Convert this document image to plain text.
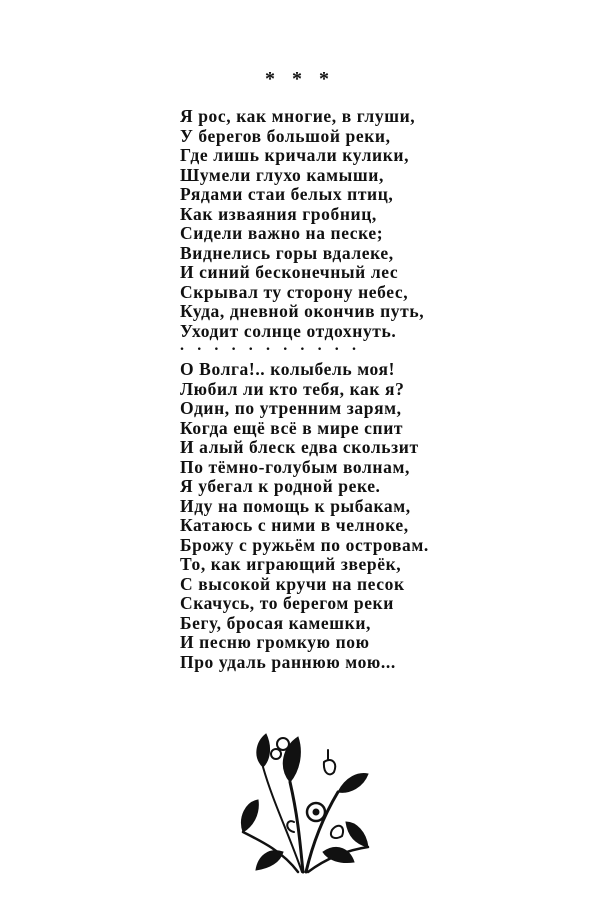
* * *
Я рос, как многие, в глуши,
У берегов большой реки,
Где лишь кричали кулики,
Шумели глухо камыши,
Рядами стаи белых птиц,
Как изваяния гробниц,
Сидели важно на песке;
Виднелись горы вдалеке,
И синий бесконечный лес
Скрывал ту сторону небес,
Куда, дневной окончив путь,
Уходит солнце отдохнуть.
...........
О Волга!.. колыбель моя!
Любил ли кто тебя, как я?
Один, по утренним зарям,
Когда ещё всё в мире спит
И алый блеск едва скользит
По тёмно-голубым волнам,
Я убегал к родной реке.
Иду на помощь к рыбакам,
Катаюсь с ними в челноке,
Брожу с ружьём по островам.
То, как играющий зверёк,
С высокой кручи на песок
Скачусь, то берегом реки
Бегу, бросая камешки,
И песню громкую пою
Про удаль раннюю мою...
